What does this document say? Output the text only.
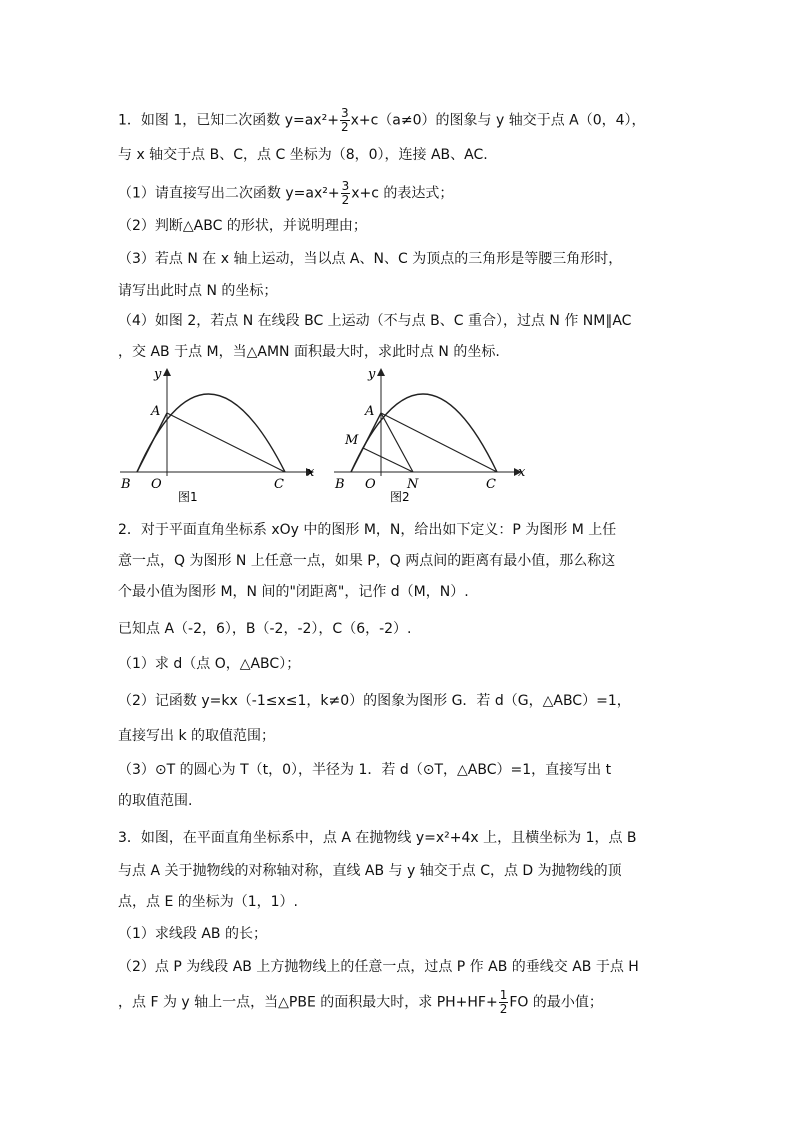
1．如图 1，已知二次函数 $y=ax^2+ \frac{3}{2} x+c(a\ne 0)$的图象与 y 轴交于点 A（0，4），
与 x 轴交于点 B、C，点 C 坐标为（8，0），连接 AB、AC.
（1）请直接写出二次函数 $y=ax^2+ \frac{3}{2} x+c$ 的表达式；
（2）判断△ABC 的形状，并说明理由；
（3）若点 N 在 x 轴上运动，当以点 A、N、C 为顶点的三角形是等腰三角形时，
请写出此时点 N 的坐标；
（4）如图 2，若点 N 在线段 BC 上运动（不与点 B、C 重合），过点 N 作 NM∥AC
，交 AB 于点 M，当△AMN 面积最大时，求此时点 N 的坐标.
y
x
A
B O	C
图1
y
x
A
M
B O N	C
图2
2．对于平面直角坐标系 xOy 中的图形 M，N，给出如下定义：P 为图形 M 上任
意一点，Q 为图形 N 上任意一点，如果 P，Q 两点间的距离有最小值，那么称这
个最小值为图形 M，N 间的"闭距离"，记作 d（M，N）.
已知点 A（-2，6），B（-2，-2），C（6，-2）.
（1）求 d（点 O，△ABC）；
（2）记函数 y=kx（-1≤x≤1，k≠0）的图象为图形 G．若 d（G，△ABC）=1，
直接写出 k 的取值范围；
（3）⊙T 的圆心为 T（t，0），半径为 1．若 d（⊙T，△ABC）=1，直接写出 t
的取值范围.
3．如图，在平面直角坐标系中，点 A 在抛物线 y=x²+4x 上，且横坐标为 1，点 B
与点 A 关于抛物线的对称轴对称，直线 AB 与 y 轴交于点 C，点 D 为抛物线的顶
点，点 E 的坐标为（1，1）.
（1）求线段 AB 的长；
（2）点 P 为线段 AB 上方抛物线上的任意一点，过点 P 作 AB 的垂线交 AB 于点 H
，点 F 为 y 轴上一点，当△PBE 的面积最大时，求 $PH+HF+ \frac{1}{2}$ FO 的最小值；
